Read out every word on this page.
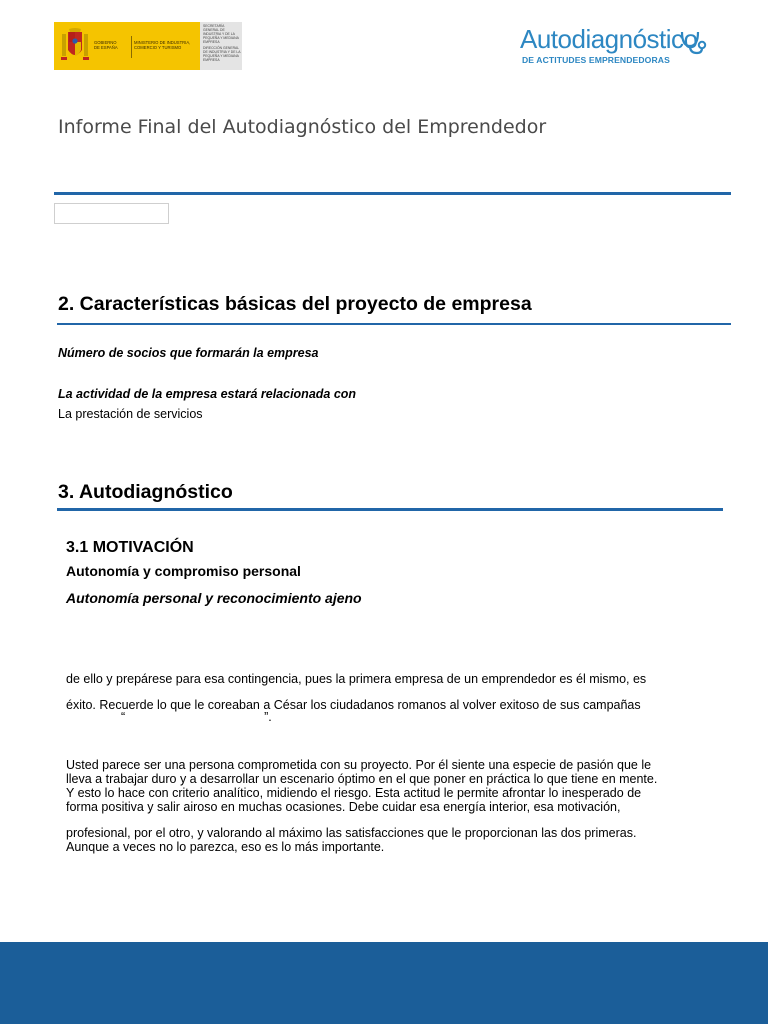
GOBIERNO DE ESPAÑA
MINISTERIO DE INDUSTRIA, COMERCIO Y TURISMO
SECRETARÍA GENERAL DE INDUSTRIA Y DE LA PEQUEÑA Y MEDIANA EMPRESA
DIRECCIÓN GENERAL DE INDUSTRIA Y DE LA PEQUEÑA Y MEDIANA EMPRESA
Autodiagnóstico
DE ACTITUDES EMPRENDEDORAS
Informe Final del Autodiagnóstico del Emprendedor
2. Características básicas del proyecto de empresa
Número de socios que formarán la empresa
La actividad de la empresa estará relacionada con
La prestación de servicios
3. Autodiagnóstico
3.1 MOTIVACIÓN
Autonomía y compromiso personal
Autonomía personal y reconocimiento ajeno
de ello y prepárese para esa contingencia, pues la primera empresa de un emprendedor es él mismo, es
éxito. Recuerde lo que le coreaban a César los ciudadanos romanos al volver exitoso de sus campañas
“                                        ”.
Usted parece ser una persona comprometida con su proyecto. Por él siente una especie de pasión que le
lleva a trabajar duro y a desarrollar un escenario óptimo en el que poner en práctica lo que tiene en mente.
Y esto lo hace con criterio analítico, midiendo el riesgo. Esta actitud le permite afrontar lo inesperado de
forma positiva y salir airoso en muchas ocasiones. Debe cuidar esa energía interior, esa motivación,
profesional, por el otro, y valorando al máximo las satisfacciones que le proporcionan las dos primeras.
Aunque a veces no lo parezca, eso es lo más importante.
